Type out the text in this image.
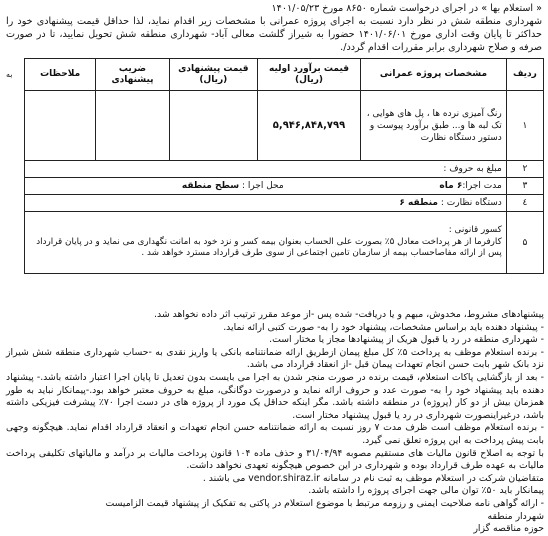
« استعلام بها » در اجرای درخواست شماره ۸۶۵۰ مورخ ۱۴۰۱/۰۵/۲۳

شهرداری منطقه شش در نظر دارد نسبت به اجرای پروژه عمرانی با مشخصات زیر اقدام نماید، لذا حداقل قیمت پیشنهادی خود را حداکثر تا پایان وقت اداری مورخ ۱۴۰۱/۰۶/۰۱ حضورا به شیراز گلشت معالی آباد- شهرداری منطقه شش تحویل نمایید، تا در صورت صرفه و صلاح شهرداری برابر مقررات اقدام گردد/.

به	ردیف	مشخصات پروژه عمرانی	قیمت برآورد اولیه (ریال)	قیمت پیشنهادی (ریال)	ضریب پیشنهادی	ملاحظات
۱	رنگ آمیزی نرده ها ، پل های هوایی ، تک لبه ها و... طبق برآورد پیوست و دستور دستگاه نظارت	۵,۹۴۶,۸۴۸,۷۹۹			
۲	مبلغ به حروف :				
۳	مدت اجرا:۶ ماه  محل اجرا : سطح منطقه				
٤	دستگاه نظارت : منطقه ۶				
۵	کسور قانونی :
کارفرما از هر پرداخت معادل ۵٪ بصورت علی الحساب بعنوان بیمه کسر و نزد خود به امانت نگهداری می نماید و در پایان قرارداد پس از ارائه مفاصاحساب بیمه از سازمان تامین اجتماعی از سوی طرف قرارداد مسترد خواهد شد .				

پیشنهادهای مشروط، مخدوش، مبهم و یا دریافت- شده پس -از موعد مقرر ترتیب اثر داده نخواهد شد.

- پیشنهاد دهنده باید براساس مشخصات، پیشنهاد خود را به- صورت کتبی ارائه نماید.

- شهرداری منطقه در رد یا قبول هریک از پیشنهادها مجاز یا مختار است.

- برنده استعلام موظف به پرداخت ۵٪ کل مبلغ پیمان ازطریق ارائه ضمانتنامه بانکی یا واریز نقدی به -حساب شهرداری منطقه شش شیراز نزد بانک شهر بابت حسن انجام تعهدات پیمان قبل -از انعقاد قرارداد می باشد.

- بعد از بازگشایی پاکات استعلام، قیمت برنده در صورت منجر شدن به اجرا می بایست بدون تعدیل تا پایان اجرا اعتبار داشته باشد.- پیشنهاد دهنده باید پیشنهاد خود را به- صورت عدد و حروف ارائه نماید و درصورت دوگانگی، مبلغ به حروف معتبر خواهد بود.-پیمانکار نباید به طور همزمان بیش از دو کار (پروژه) در منطقه داشته باشد. مگر اینکه حداقل یک مورد از پروژه های در دست اجرا ۷۰٪ پیشرفت فیزیکی داشته باشد، درغیراینصورت شهرداری در رد یا قبول پیشنهاد مختار است.

- برنده استعلام موظف است ظرف مدت ۷ روز نسبت به ارائه ضمانتنامه حسن انجام تعهدات و انعقاد قرارداد اقدام نماید. هیچگونه وجهی بابت پیش پرداخت به این پروژه تعلق نمی گیرد.

با توجه به اصلاح قانون مالیات های مستقیم مصوبه ۳۱/۰۴/۹۴ و حذف ماده ۱۰۴ قانون پرداخت مالیات بر درآمد و مالیاتهای تکلیفی پرداخت مالیات به عهده طرف قرارداد بوده و شهرداری در این خصوص هیچگونه تعهدی نخواهد داشت.

متقاضیان شرکت در استعلام موظف به ثبت نام در سامانه vendor.shiraz.ir می باشند .

پیمانکار باید ۵۰٪ توان مالی جهت اجرای پروژه را داشته باشد.

- ارائه گواهی نامه صلاحیت ایمنی و رزومه مرتبط با موضوع استعلام در پاکتی به تفکیک از پیشنهاد قیمت الزامیست

شهردار منطقه

حوزه مناقصه گزار
